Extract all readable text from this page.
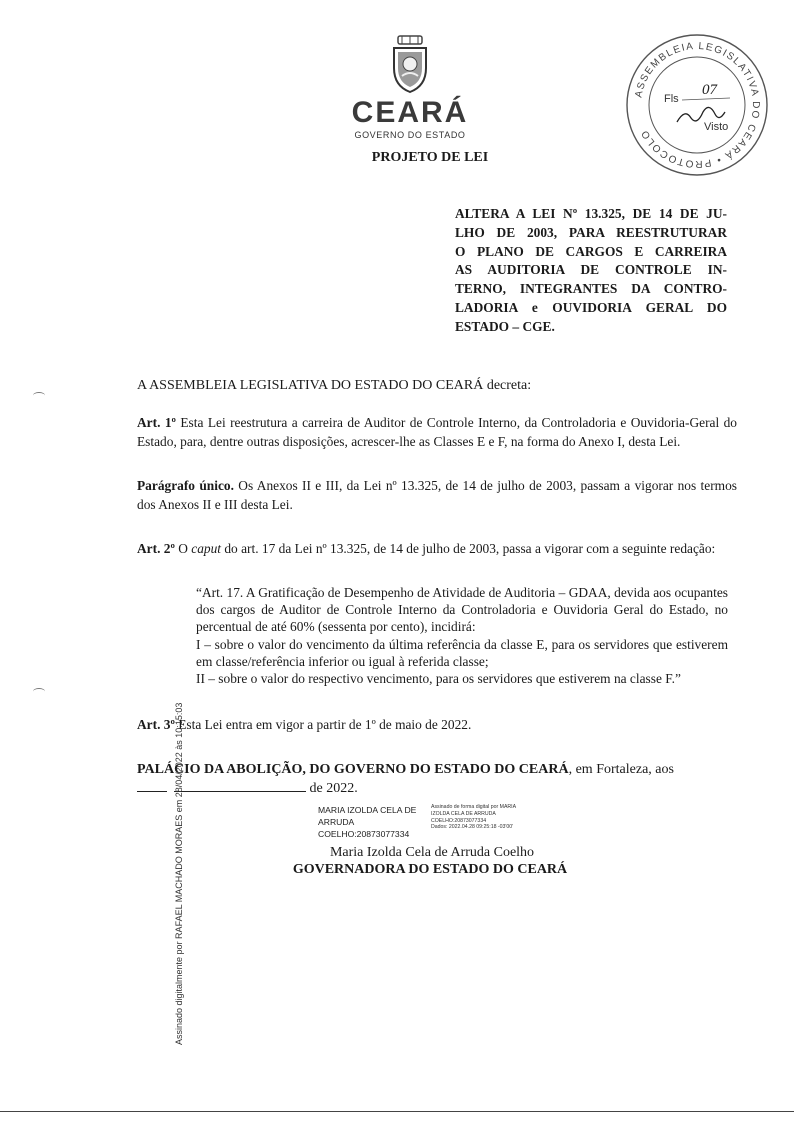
CEARÁ
GOVERNO DO ESTADO
PROJETO DE LEI
ASSEMBLEIA LEGISLATIVA DO CEARÁ • PROTOCOLO
Fls
07
Visto
ALTERA A LEI Nº 13.325, DE 14 DE JU-
LHO DE 2003, PARA REESTRUTURAR
O PLANO DE CARGOS E CARREIRA
AS AUDITORIA DE CONTROLE IN-
TERNO, INTEGRANTES DA CONTRO-
LADORIA e OUVIDORIA GERAL DO
ESTADO – CGE.
A ASSEMBLEIA LEGISLATIVA DO ESTADO DO CEARÁ decreta:
Art. 1º Esta Lei reestrutura a carreira de Auditor de Controle Interno, da Controladoria e Ouvidoria-Geral do Estado, para, dentre outras disposições, acrescer-lhe as Classes E e F, na forma do Anexo I, desta Lei.
Parágrafo único. Os Anexos II e III, da Lei nº 13.325, de 14 de julho de 2003, passam a vigorar nos termos dos Anexos II e III desta Lei.
Art. 2º O caput do art. 17 da Lei nº 13.325, de 14 de julho de 2003, passa a vigorar com a seguinte redação:

“Art. 17. A Gratificação de Desempenho de Atividade de Auditoria – GDAA, devida aos ocupantes dos cargos de Auditor de Controle Interno da Controladoria e Ouvidoria Geral do Estado, no percentual de até 60% (sessenta por cento), incidirá:

I – sobre o valor do vencimento da última referência da classe E, para os servidores que estiverem em classe/referência inferior ou igual à referida classe;

II – sobre o valor do respectivo vencimento, para os servidores que estiverem na classe F.”

Art. 3º Esta Lei entra em vigor a partir de 1º de maio de 2022.
PALÁCIO DA ABOLIÇÃO, DO GOVERNO DO ESTADO DO CEARÁ, em Fortaleza, aos
de 2022.
MARIA IZOLDA CELA DE
ARRUDA
COELHO:20873077334
Assinado de forma digital por MARIA
IZOLDA CELA DE ARRUDA
COELHO:20873077334
Dados: 2022.04.28 09:25:18 -03'00'
Maria Izolda Cela de Arruda Coelho
GOVERNADORA DO ESTADO DO CEARÁ
Assinado digitalmente por RAFAEL MACHADO MORAES em 28/04/2022 às 10:15:03
